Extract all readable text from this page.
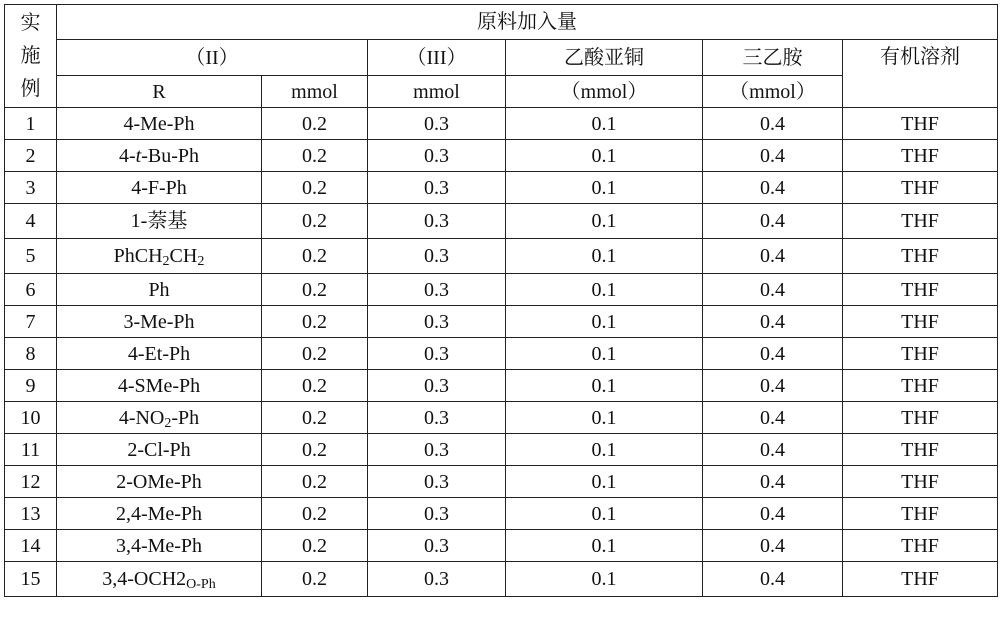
实
施
例	原料加入量					
	（II）		（III）	乙酸亚铜	三乙胺	有机溶剂
	R	mmol	mmol	（mmol）	（mmol）	
1	4-Me-Ph	0.2	0.3	0.1	0.4	THF
2	4-t-Bu-Ph	0.2	0.3	0.1	0.4	THF
3	4-F-Ph	0.2	0.3	0.1	0.4	THF
4	1-萘基	0.2	0.3	0.1	0.4	THF
5	$PhCH_2CH_2$	0.2	0.3	0.1	0.4	THF
6	Ph	0.2	0.3	0.1	0.4	THF
7	3-Me-Ph	0.2	0.3	0.1	0.4	THF
8	4-Et-Ph	0.2	0.3	0.1	0.4	THF
9	4-SMe-Ph	0.2	0.3	0.1	0.4	THF
10	$4-NO_2-Ph$	0.2	0.3	0.1	0.4	THF
11	2-Cl-Ph	0.2	0.3	0.1	0.4	THF
12	2-OMe-Ph	0.2	0.3	0.1	0.4	THF
13	2,4-Me-Ph	0.2	0.3	0.1	0.4	THF
14	3,4-Me-Ph	0.2	0.3	0.1	0.4	THF
15	$3,4-OCH2_{O-Ph}$	0.2	0.3	0.1	0.4	THF
